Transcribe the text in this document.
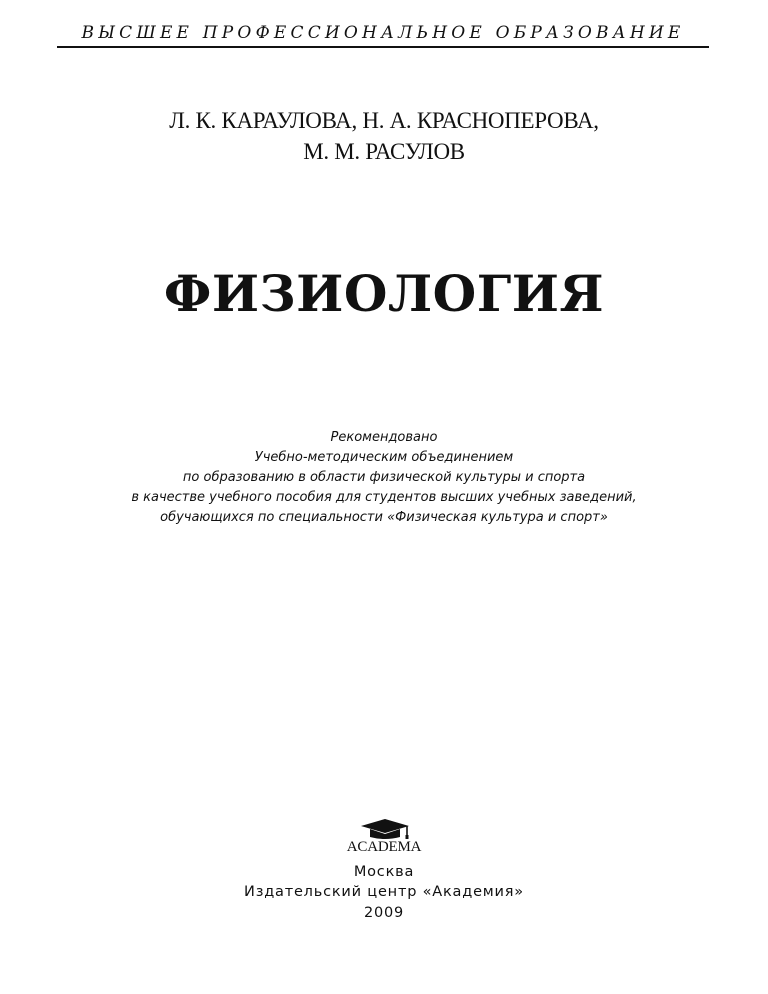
ВЫСШЕЕ ПРОФЕССИОНАЛЬНОЕ ОБРАЗОВАНИЕ
Л. К. КАРАУЛОВА, Н. А. КРАСНОПЕРОВА,
М. М. РАСУЛОВ
ФИЗИОЛОГИЯ
Рекомендовано
Учебно-методическим объединением
по образованию в области физической культуры и спорта
в качестве учебного пособия для студентов высших учебных заведений,
обучающихся по специальности «Физическая культура и спорт»
ACADEMA
Москва
Издательский центр «Академия»
2009
